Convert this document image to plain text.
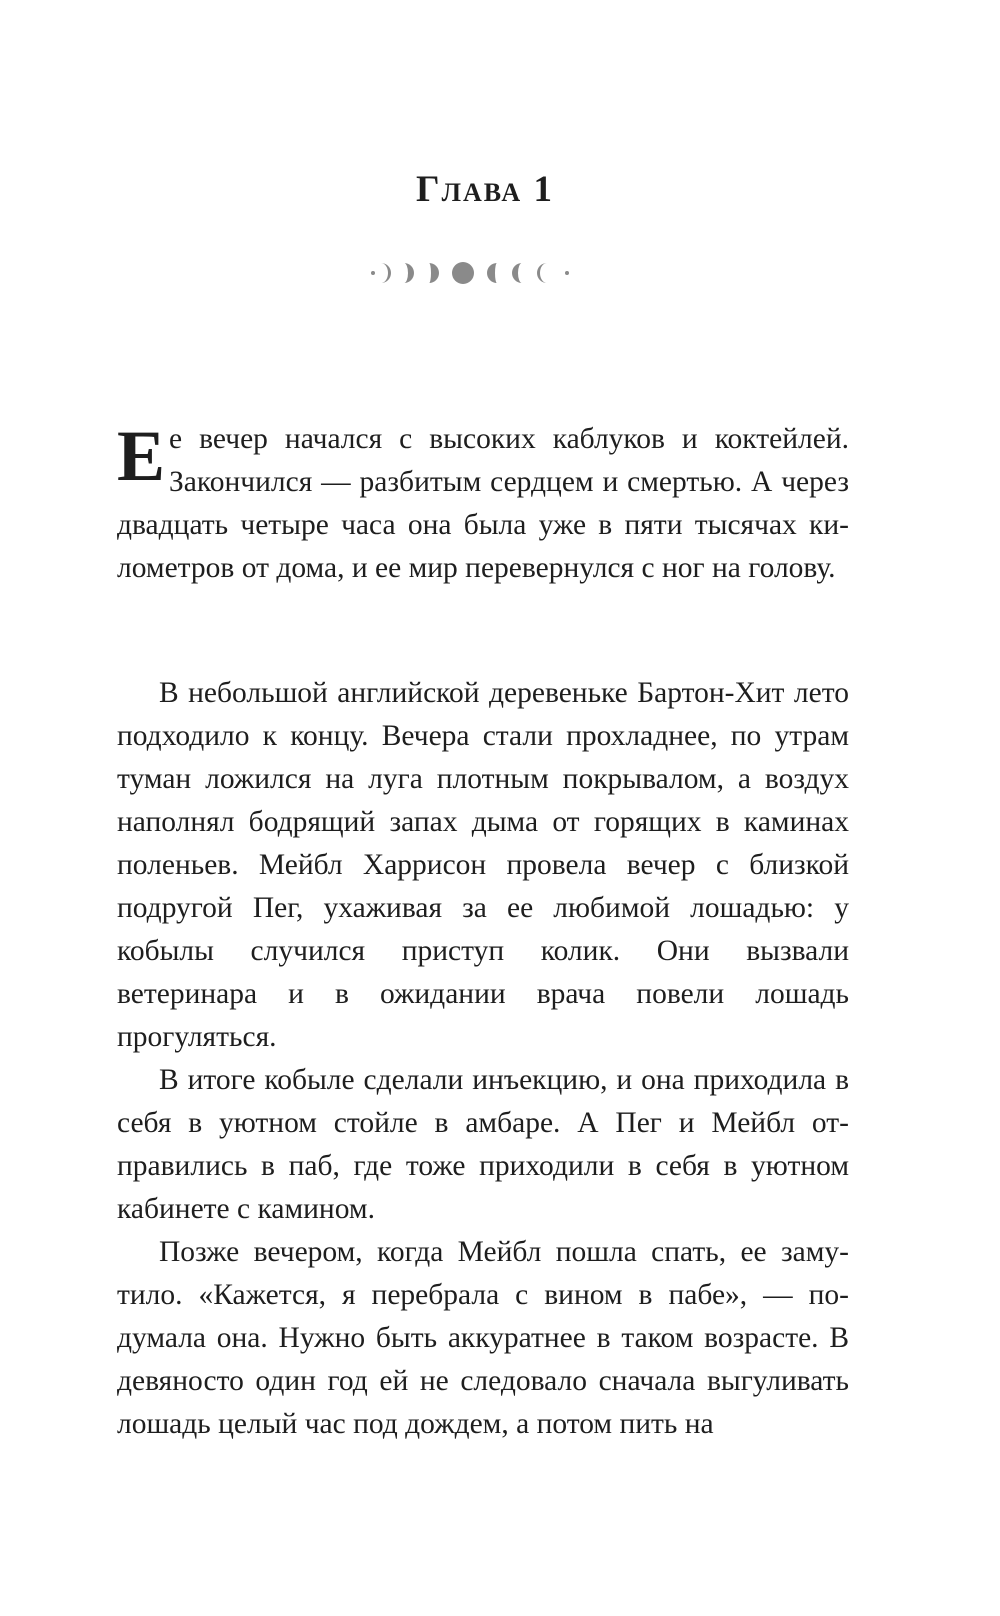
Глава 1

Ее вечер начался с высоких каблуков и коктейлей. Закончился — разбитым сердцем и смертью. А через двадцать четыре часа она была уже в пяти тысячах километров от дома, и ее мир перевернулся с ног на голову.

В небольшой английской деревеньке Бартон-Хит лето подходило к концу. Вечера стали прохладнее, по утрам туман ложился на луга плотным покрывалом, а воздух наполнял бодрящий запах дыма от горящих в каминах поленьев. Мейбл Харрисон провела вечер с близкой подругой Пег, ухаживая за ее любимой лошадью: у кобылы случился приступ колик. Они вызвали ветеринара и в ожидании врача повели лошадь прогуляться.

В итоге кобыле сделали инъекцию, и она приходила в себя в уютном стойле в амбаре. А Пег и Мейбл отправились в паб, где тоже приходили в себя в уютном кабинете с камином.

Позже вечером, когда Мейбл пошла спать, ее замутило. «Кажется, я перебрала с вином в пабе», — подумала она. Нужно быть аккуратнее в таком возрасте. В девяносто один год ей не следовало сначала выгуливать лошадь целый час под дождем, а потом пить на
